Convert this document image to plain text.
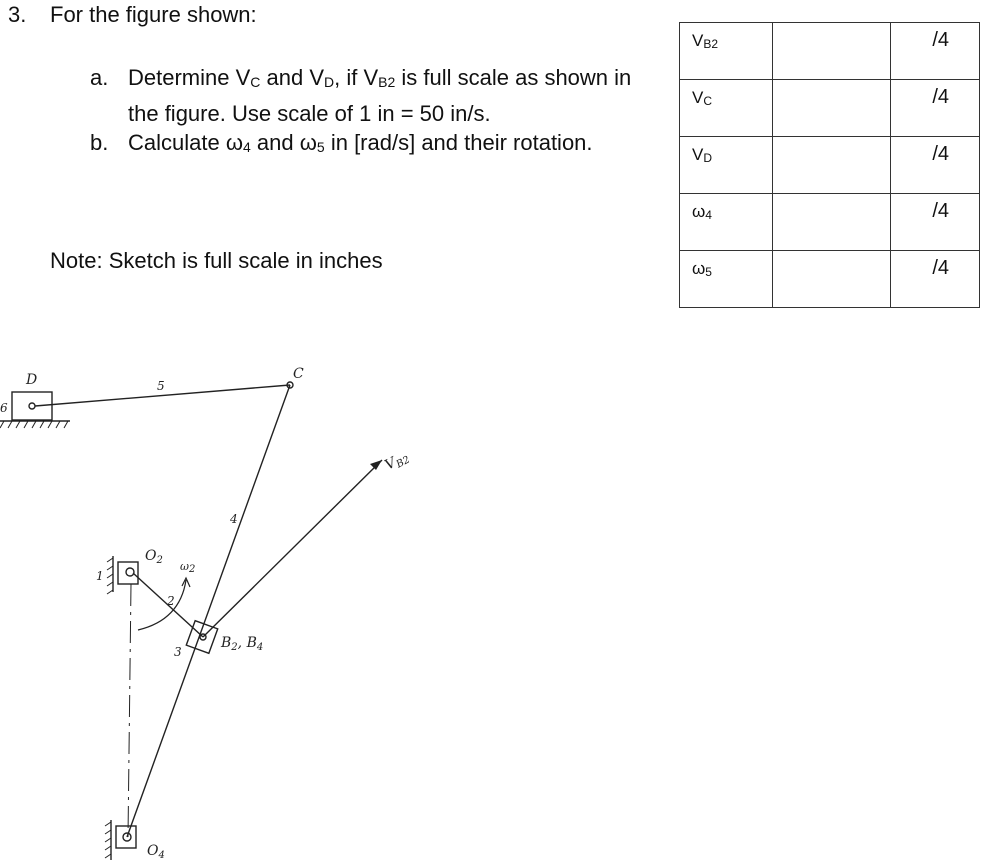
3. For the figure shown:
a. Determine $V_C$ and $V_D$, if $V_{B2}$ is full scale as shown in the figure. Use scale of 1 in = 50 in/s.
b. Calculate $\omega_4$ and $\omega_5$ in [rad/s] and their rotation.
Note: Sketch is full scale in inches
$V_{B2}$		/4
$V_C$		/4
$V_D$		/4
$\omega_4$		/4
$\omega_5$		/4
D	5
C
6
$V_{B2}$
4
$O_2$ ω2
1
2
3
$B_2$, $B_4$
$O_4$
